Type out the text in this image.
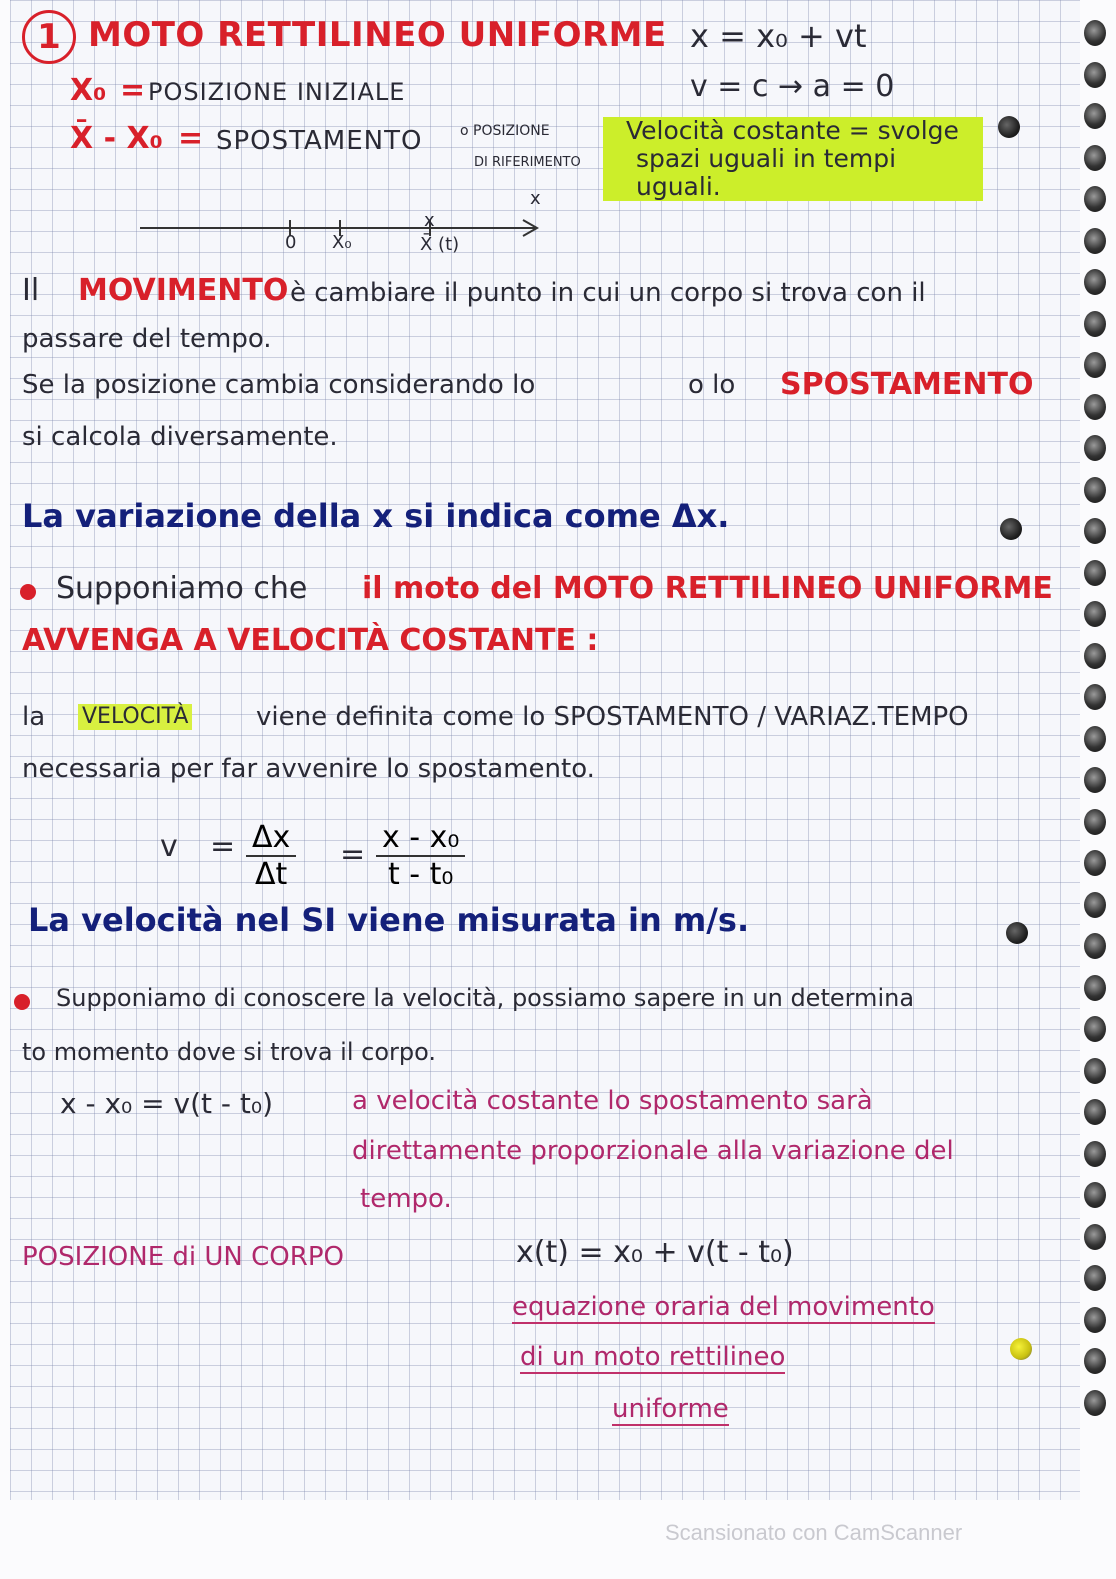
1 MOTO RETTILINEO UNIFORME x = x₀ + vt
v = c → a = 0
X₀ = POSIZIONE INIZIALE
X̄ - X₀ = SPOSTAMENTO	o POSIZIONE
DI RIFERIMENTO
Velocità costante = svolge
spazi uguali in tempi
uguali.
x
0 X₀
x
X̄ (t)
Il MOVIMENTO è cambiare il punto in cui un corpo si trova con il
passare del tempo.
Se la posizione cambia considerando lo	o lo SPOSTAMENTO
si calcola diversamente.
La variazione della x si indica come Δx.
Supponiamo che il moto del MOTO RETTILINEO UNIFORME
AVVENGA A VELOCITÀ COSTANTE :
la VELOCITÀ	viene definita come lo SPOSTAMENTO / VARIAZ.TEMPO
necessaria per far avvenire lo spostamento.
$v = \frac{\Delta x}{\Delta t} = \frac{\text{x - x₀}}{\text{t - t₀}}$
La velocità nel SI viene misurata in m/s.
Supponiamo di conoscere la velocità, possiamo sapere in un determina
to momento dove si trova il corpo.
x - x₀ = v(t - t₀)	a velocità costante lo spostamento sarà
direttamente proporzionale alla variazione del
tempo.
POSIZIONE di UN CORPO	x(t) = x₀ + v(t - t₀)
equazione oraria del movimento
di un moto rettilineo
uniforme
Scansionato con CamScanner
